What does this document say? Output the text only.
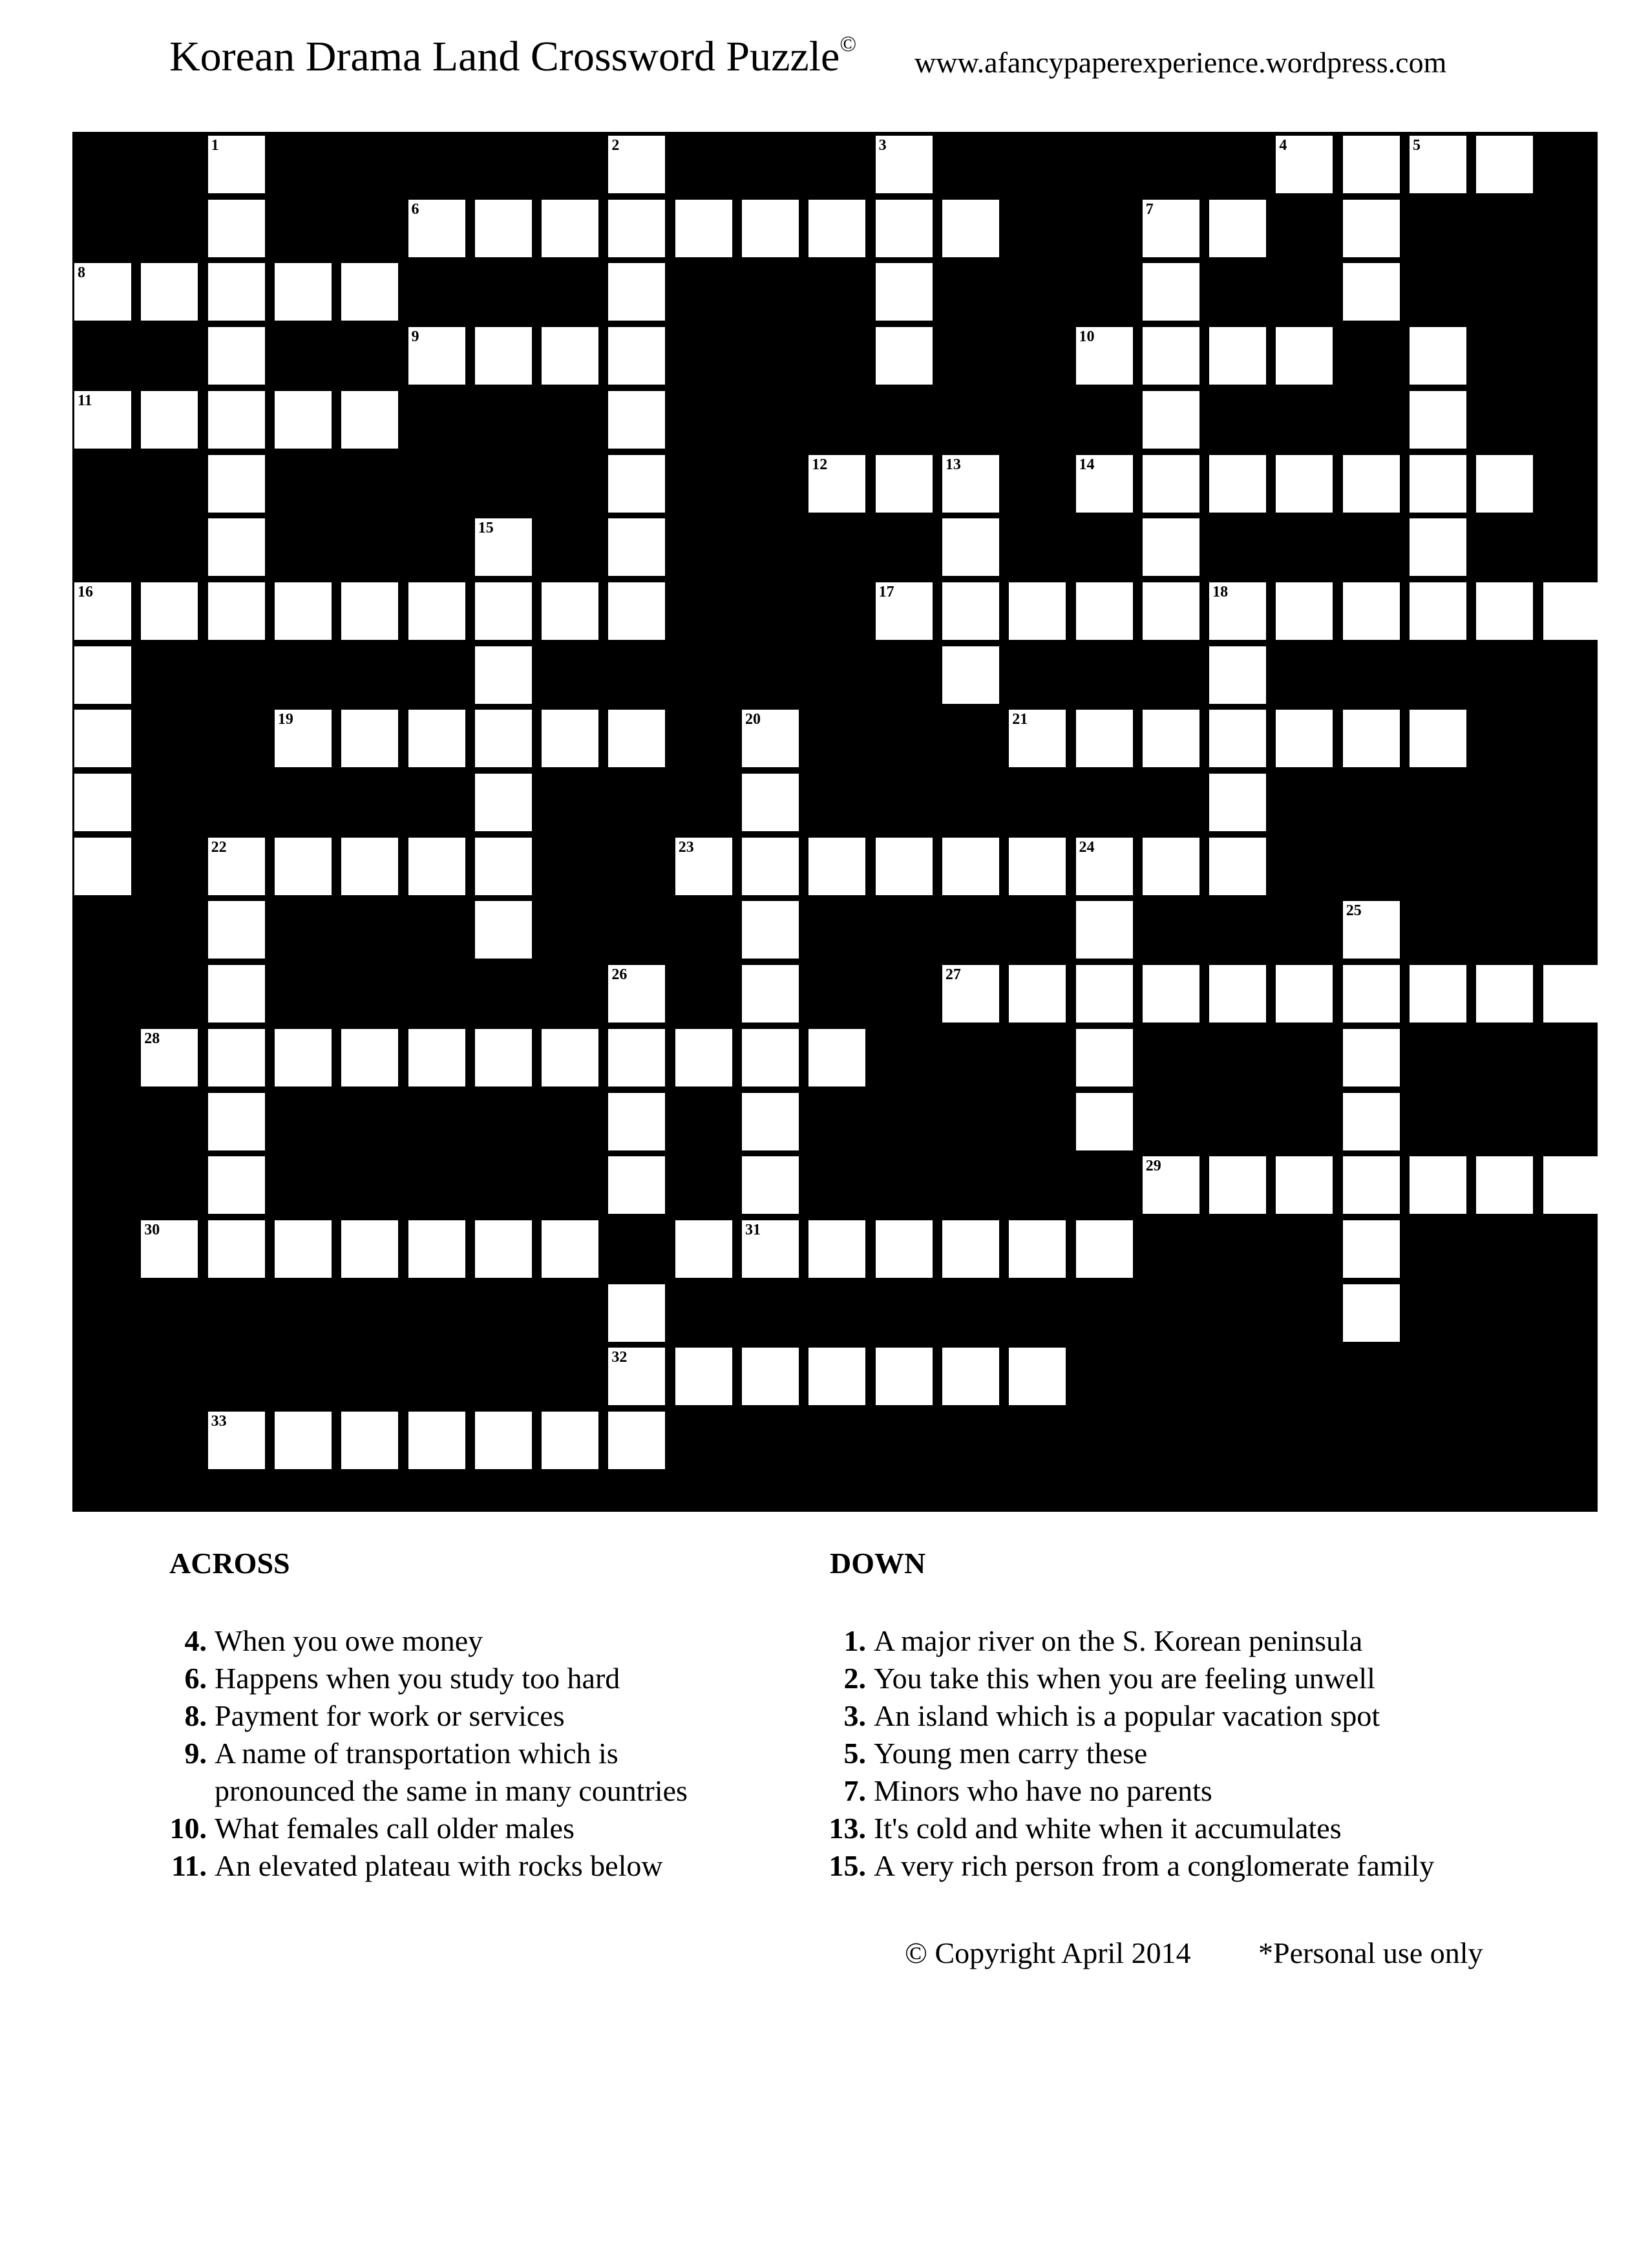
Korean Drama Land Crossword Puzzle©
www.afancypaperexperience.wordpress.com
1	2	3	4	5
6
8
9	10
11
12	13	14
15
16	17	18
19	20	21
22	23	24
25
26	27
28
29
30
32
33
7
31
ACROSS	DOWN
4. When you owe money
6. Happens when you study too hard
8. Payment for work or services
9. A name of transportation which is
pronounced the same in many countries
10. What females call older males
11. An elevated plateau with rocks below
1. A major river on the S. Korean peninsula
2. You take this when you are feeling unwell
3. An island which is a popular vacation spot
5. Young men carry these
7. Minors who have no parents
13. It's cold and white when it accumulates
15. A very rich person from a conglomerate family
© Copyright April 2014 *Personal use only
